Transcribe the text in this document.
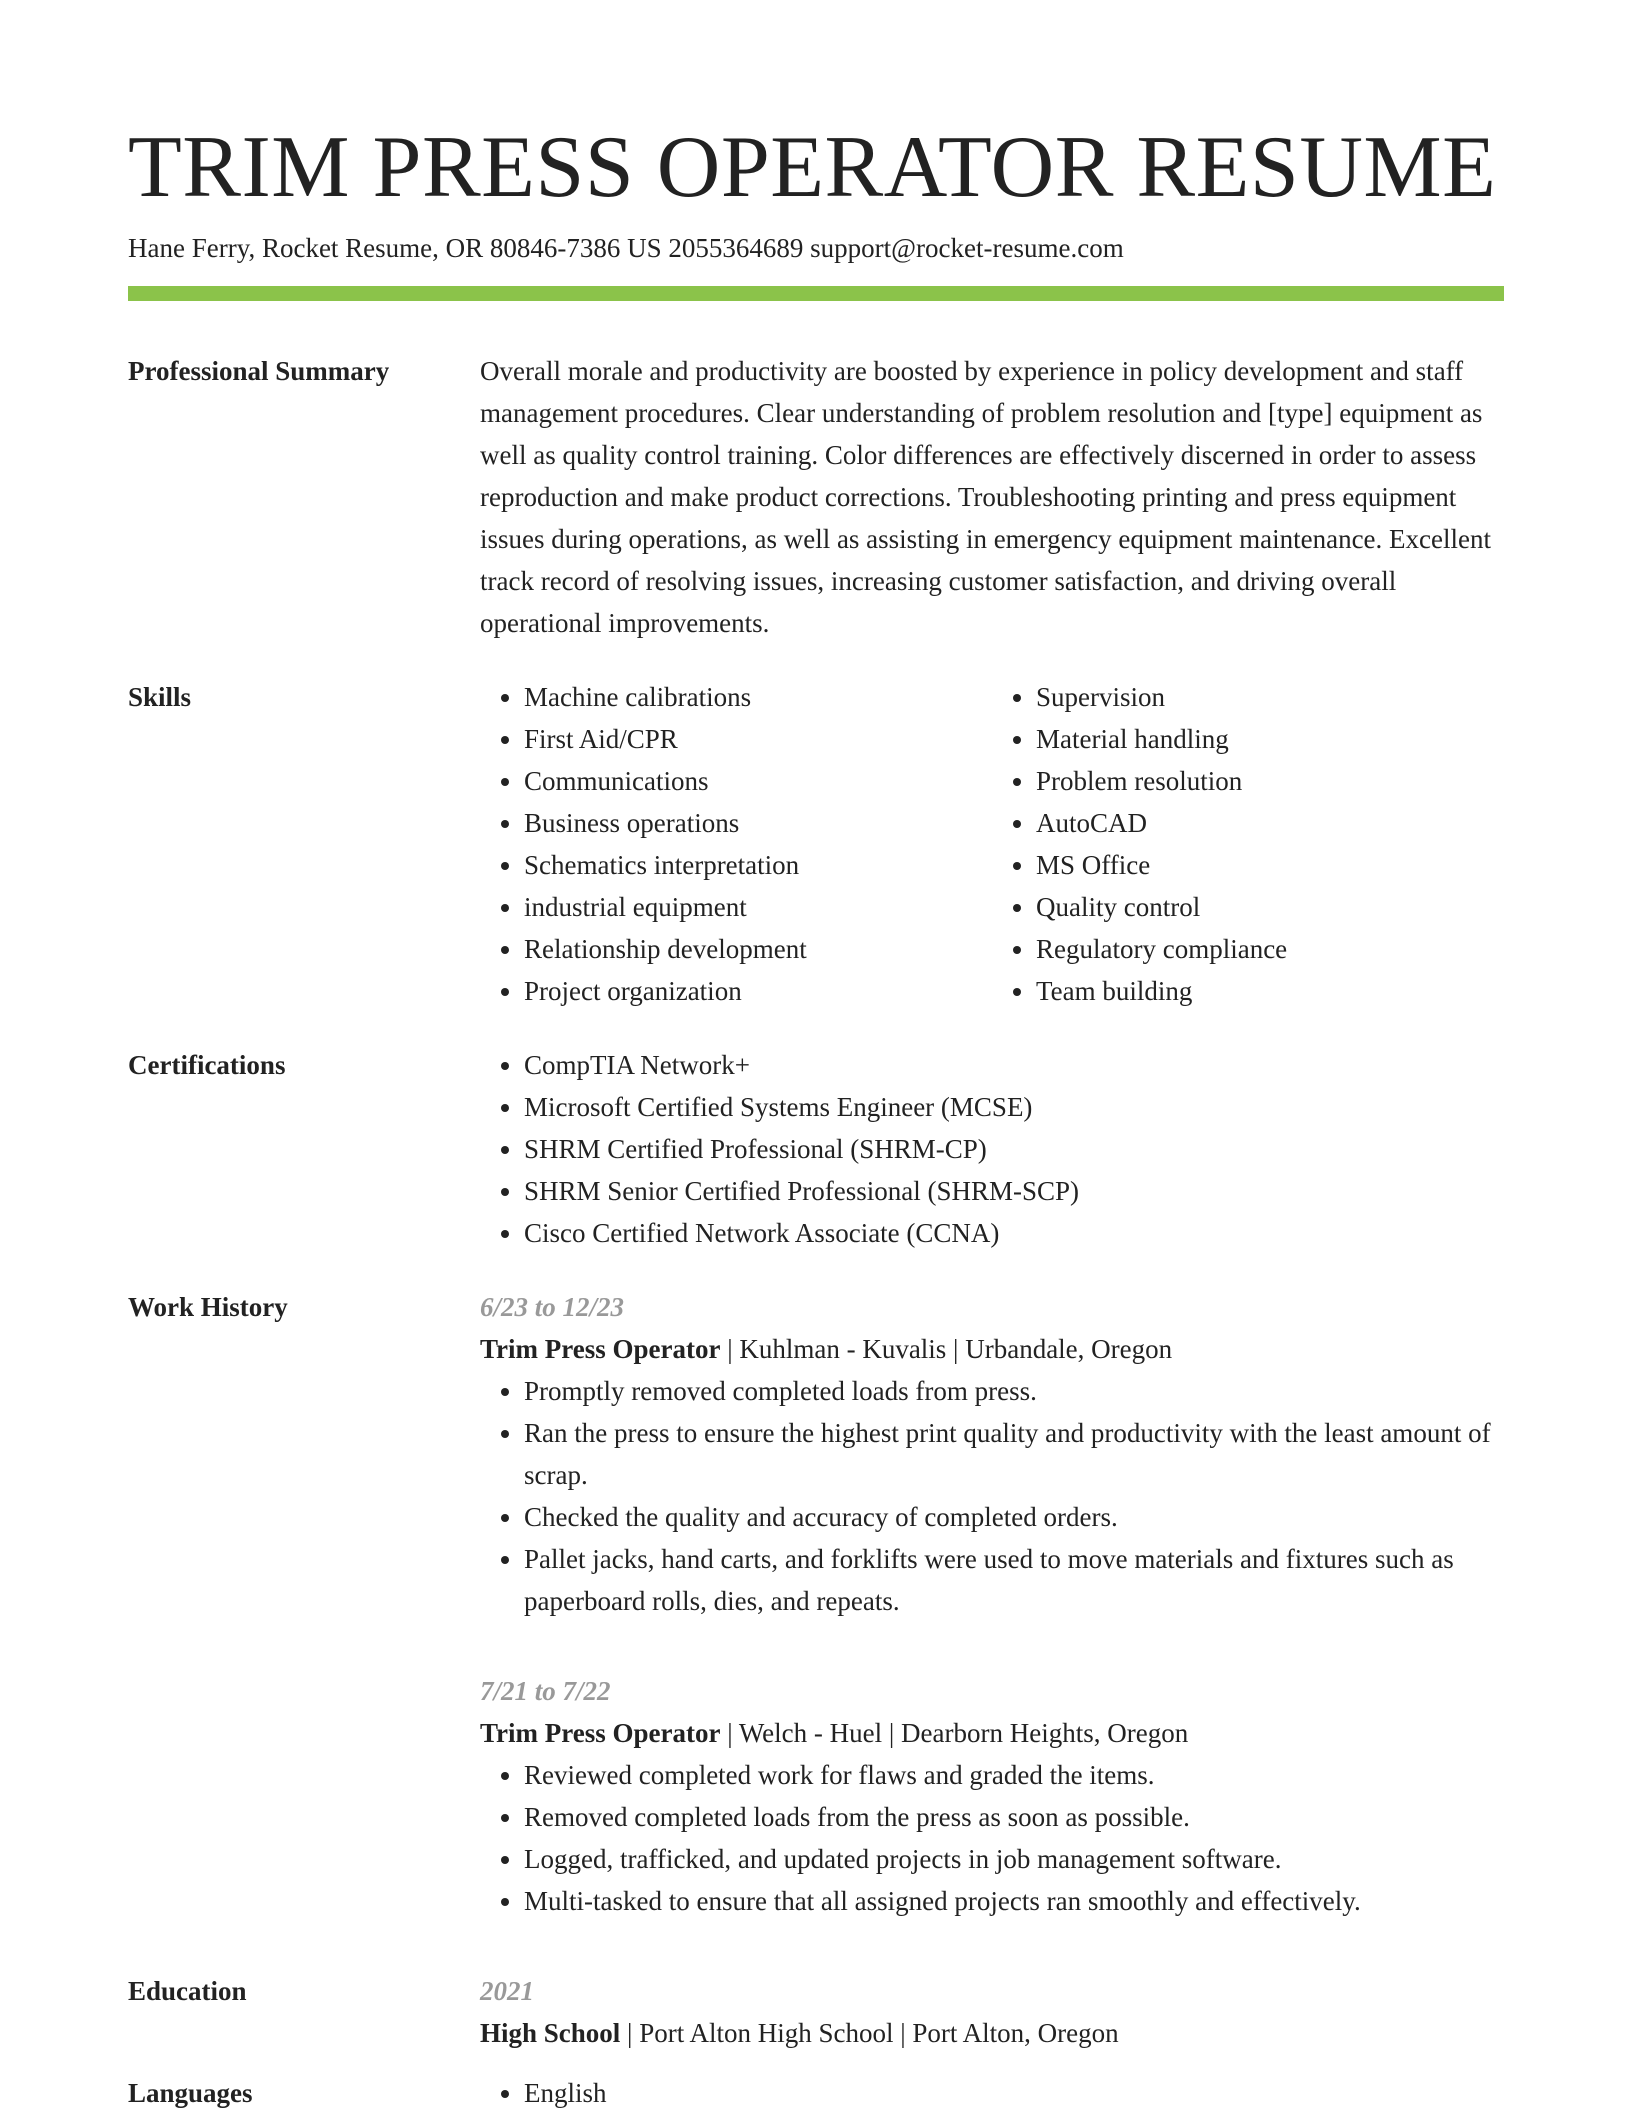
TRIM PRESS OPERATOR RESUME
Hane Ferry, Rocket Resume, OR 80846-7386 US 2055364689 support@rocket-resume.com
Professional Summary	Overall morale and productivity are boosted by experience in policy development and staff management procedures. Clear understanding of problem resolution and [type] equipment as well as quality control training. Color differences are effectively discerned in order to assess reproduction and make product corrections. Troubleshooting printing and press equipment issues during operations, as well as assisting in emergency equipment maintenance. Excellent track record of resolving issues, increasing customer satisfaction, and driving overall operational improvements.

Skills	• Machine calibrations
• First Aid/CPR
• Communications
• Business operations
• Schematics interpretation
• industrial equipment
• Relationship development
• Project organization
• Supervision
• Material handling
• Problem resolution
• AutoCAD
• MS Office
• Quality control
• Regulatory compliance
• Team building
Certifications	• CompTIA Network+
• Microsoft Certified Systems Engineer (MCSE)
• SHRM Certified Professional (SHRM-CP)
• SHRM Senior Certified Professional (SHRM-SCP)
• Cisco Certified Network Associate (CCNA)
Work History	6/23 to 12/23
Trim Press Operator | Kuhlman - Kuvalis | Urbandale, Oregon
• Promptly removed completed loads from press.
• Ran the press to ensure the highest print quality and productivity with the least amount of scrap.
• Checked the quality and accuracy of completed orders.
• Pallet jacks, hand carts, and forklifts were used to move materials and fixtures such as paperboard rolls, dies, and repeats.
7/21 to 7/22
Trim Press Operator | Welch - Huel | Dearborn Heights, Oregon
• Reviewed completed work for flaws and graded the items.
• Removed completed loads from the press as soon as possible.
• Logged, trafficked, and updated projects in job management software.
• Multi-tasked to ensure that all assigned projects ran smoothly and effectively.
Education	2021
High School | Port Alton High School | Port Alton, Oregon
Languages	• English
